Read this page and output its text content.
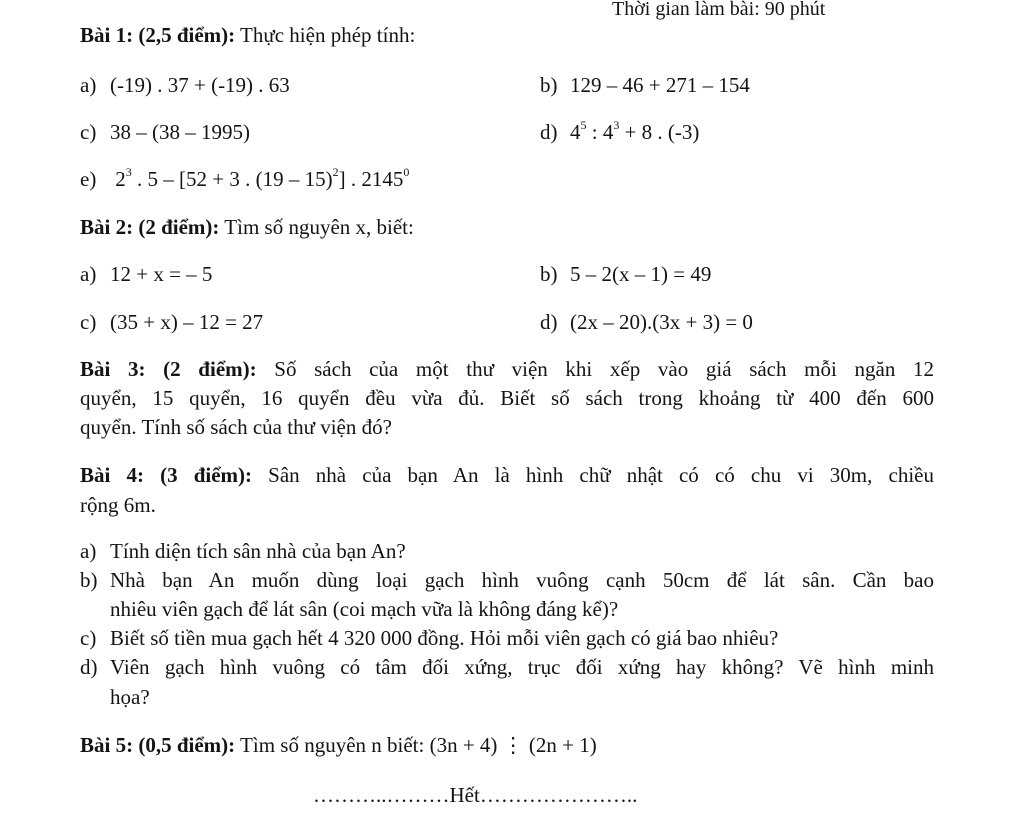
Thời gian làm bài: 90 phút
Bài 1: (2,5 điểm): Thực hiện phép tính:
a) (-19) . 37 + (-19) . 63	b) 129 – 46 + 271 – 154
c) 38 – (38 – 1995)	d) $4^5$ : $4^3 + 8$ . (-3)
e) $2^3$ . 5 – [52 + 3 . (19 – 15)$^2$] . 2145$^0$
Bài 2: (2 điểm): Tìm số nguyên x, biết:
a) 12 + x = – 5	b) 5 – 2(x – 1) = 49
c) (35 + x) – 12 = 27	d) (2x – 20).(3x + 3) = 0
Bài 3: (2 điểm): Số sách của một thư viện khi xếp vào giá sách mỗi ngăn 12
quyển, 15 quyển, 16 quyển đều vừa đủ. Biết số sách trong khoảng từ 400 đến 600
quyển. Tính số sách của thư viện đó?
Bài 4: (3 điểm): Sân nhà của bạn An là hình chữ nhật có có chu vi 30m, chiều
rộng 6m.
a) Tính diện tích sân nhà của bạn An?
b) Nhà bạn An muốn dùng loại gạch hình vuông cạnh 50cm để lát sân. Cần bao
nhiêu viên gạch để lát sân (coi mạch vữa là không đáng kể)?
c) Biết số tiền mua gạch hết 4 320 000 đồng. Hỏi mỗi viên gạch có giá bao nhiêu?
d) Viên gạch hình vuông có tâm đối xứng, trục đối xứng hay không? Vẽ hình minh
họa?
Bài 5: (0,5 điểm): Tìm số nguyên n biết: (3n + 4) ⋮ (2n + 1)
………..………Hết…………………..
